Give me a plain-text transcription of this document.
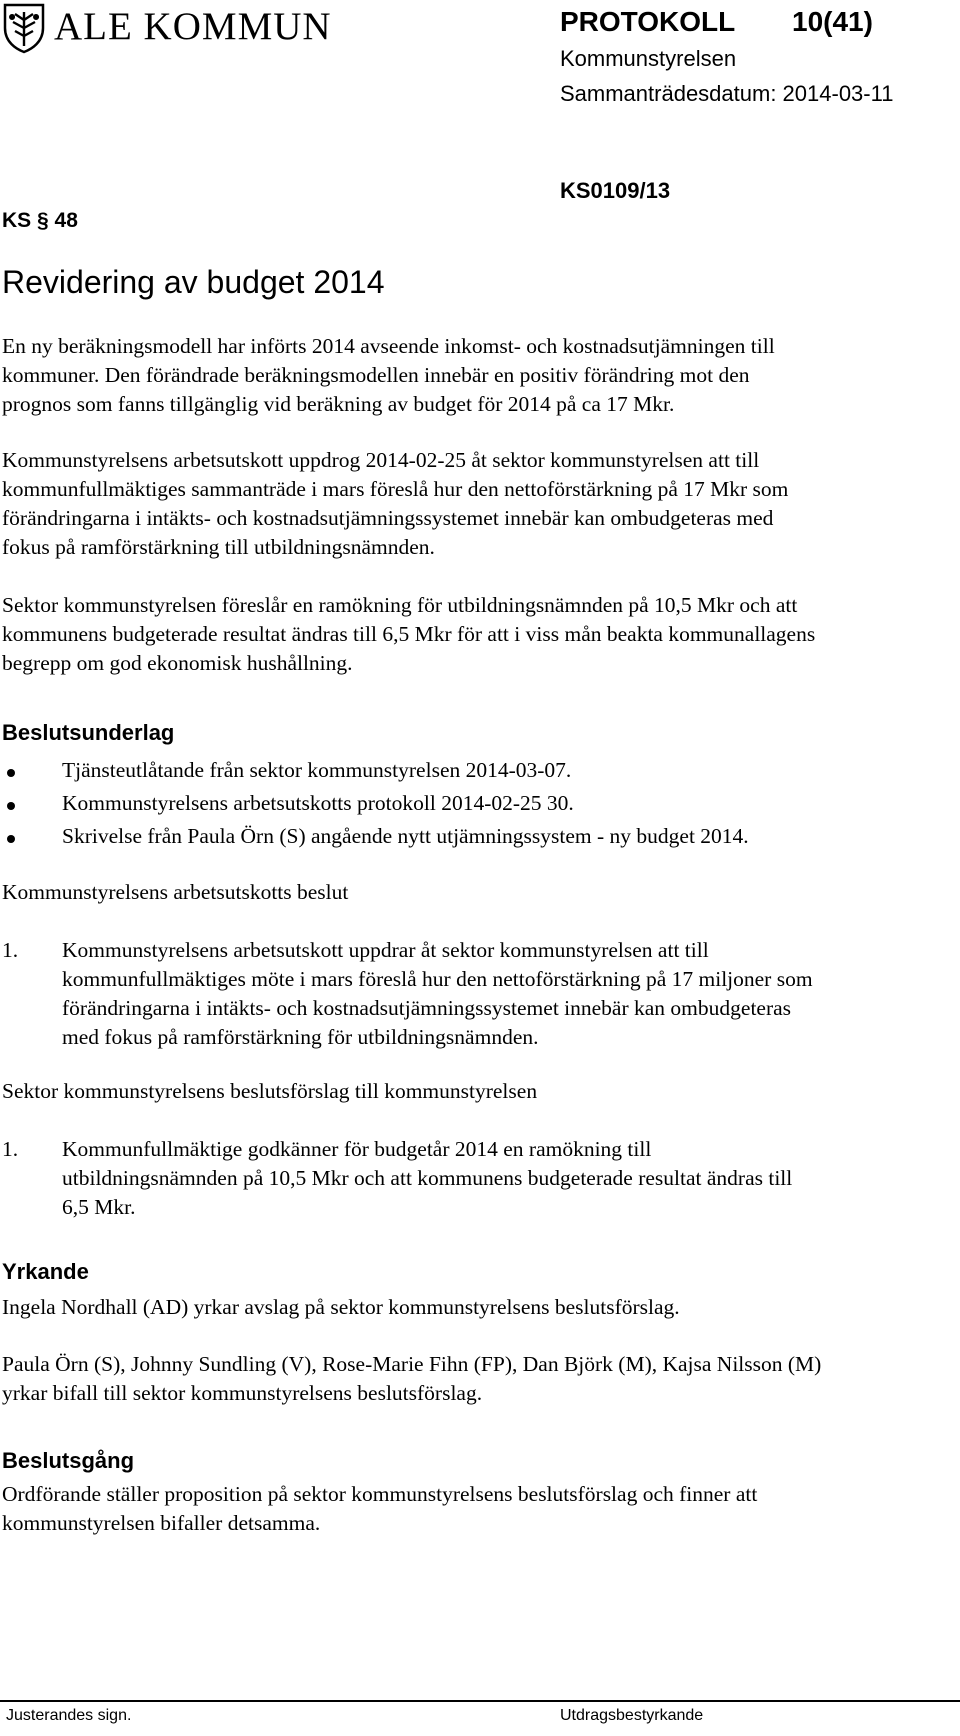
ALE KOMMUN	PROTOKOLL 10(41)
Kommunstyrelsen
Sammanträdesdatum: 2014-03-11
KS § 48
KS0109/13
Revidering av budget 2014
En ny beräkningsmodell har införts 2014 avseende inkomst- och kostnadsutjämningen till
kommuner. Den förändrade beräkningsmodellen innebär en positiv förändring mot den
prognos som fanns tillgänglig vid beräkning av budget för 2014 på ca 17 Mkr.
Kommunstyrelsens arbetsutskott uppdrog 2014-02-25 åt sektor kommunstyrelsen att till
kommunfullmäktiges sammanträde i mars föreslå hur den nettoförstärkning på 17 Mkr som
förändringarna i intäkts- och kostnadsutjämningssystemet innebär kan ombudgeteras med
fokus på ramförstärkning till utbildningsnämnden.
Sektor kommunstyrelsen föreslår en ramökning för utbildningsnämnden på 10,5 Mkr och att
kommunens budgeterade resultat ändras till 6,5 Mkr för att i viss mån beakta kommunallagens
begrepp om god ekonomisk hushållning.
Beslutsunderlag
Tjänsteutlåtande från sektor kommunstyrelsen 2014-03-07.
Kommunstyrelsens arbetsutskotts protokoll 2014-02-25 30.
Skrivelse från Paula Örn (S) angående nytt utjämningssystem - ny budget 2014.
Kommunstyrelsens arbetsutskotts beslut
1. Kommunstyrelsens arbetsutskott uppdrar åt sektor kommunstyrelsen att till
kommunfullmäktiges möte i mars föreslå hur den nettoförstärkning på 17 miljoner som
förändringarna i intäkts- och kostnadsutjämningssystemet innebär kan ombudgeteras
med fokus på ramförstärkning för utbildningsnämnden.
Sektor kommunstyrelsens beslutsförslag till kommunstyrelsen
1. Kommunfullmäktige godkänner för budgetår 2014 en ramökning till
utbildningsnämnden på 10,5 Mkr och att kommunens budgeterade resultat ändras till
6,5 Mkr.
Yrkande
Ingela Nordhall (AD) yrkar avslag på sektor kommunstyrelsens beslutsförslag.
Paula Örn (S), Johnny Sundling (V), Rose-Marie Fihn (FP), Dan Björk (M), Kajsa Nilsson (M)
yrkar bifall till sektor kommunstyrelsens beslutsförslag.
Beslutsgång
Ordförande ställer proposition på sektor kommunstyrelsens beslutsförslag och finner att
kommunstyrelsen bifaller detsamma.
Justerandes sign.	Utdragsbestyrkande
